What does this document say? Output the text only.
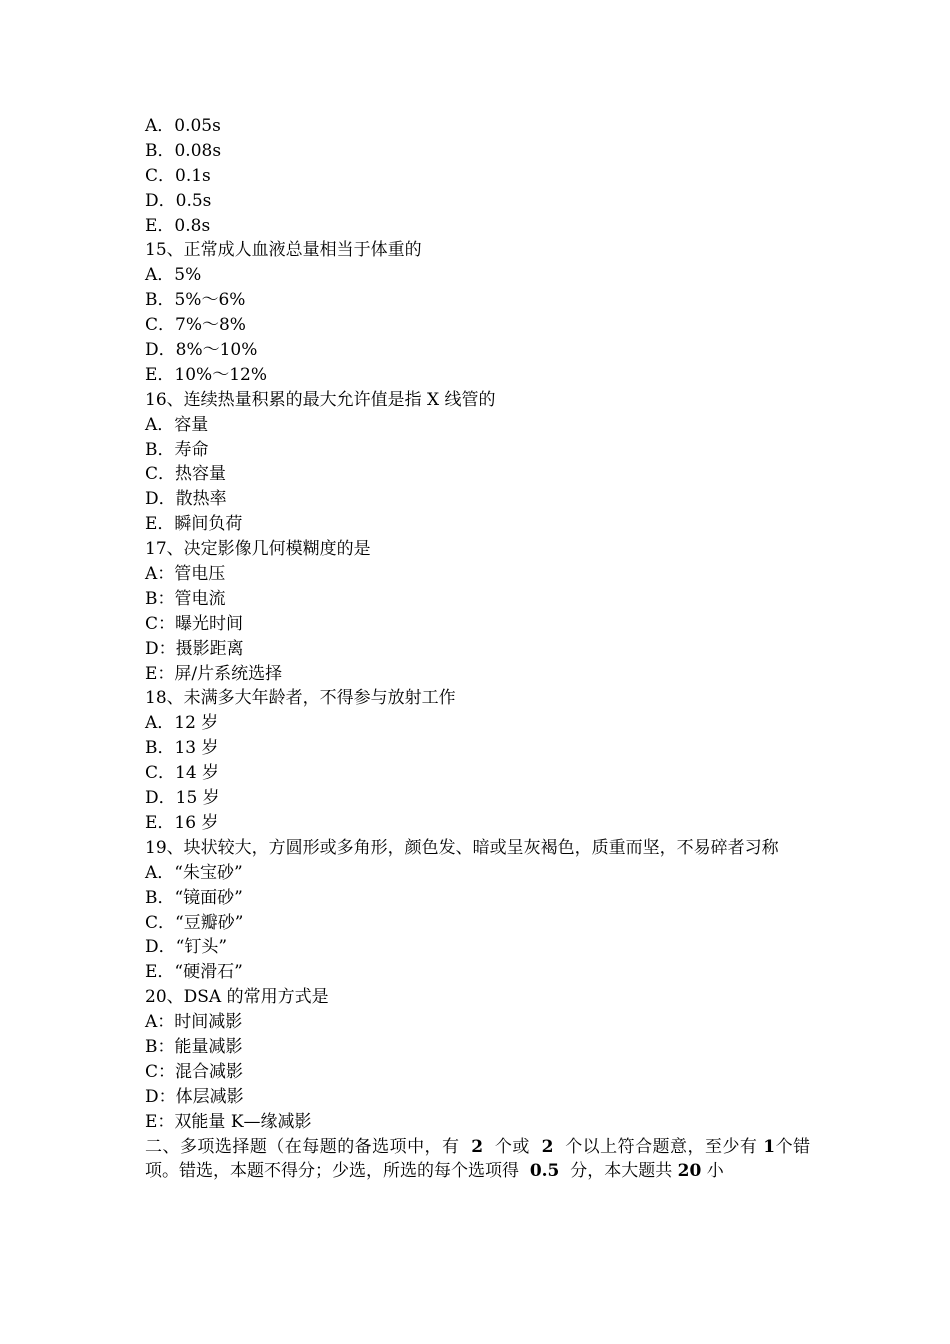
A．0.05s
B．0.08s
C．0.1s
D．0.5s
E．0.8s
15、正常成人血液总量相当于体重的
A．5%
B．5%～6%
C．7%～8%
D．8%～10%
E．10%～12%
16、连续热量积累的最大允许值是指 X 线管的
A．容量
B．寿命
C．热容量
D．散热率
E．瞬间负荷
17、决定影像几何模糊度的是
A：管电压
B：管电流
C：曝光时间
D：摄影距离
E：屏/片系统选择
18、未满多大年龄者，不得参与放射工作
A．12 岁
B．13 岁
C．14 岁
D．15 岁
E．16 岁
19、块状较大，方圆形或多角形，颜色发、暗或呈灰褐色，质重而坚，不易碎者习称
A．“朱宝砂”
B．“镜面砂”
C．“豆瓣砂”
D．“钉头”
E．“硬滑石”
20、DSA 的常用方式是
A：时间减影
B：能量减影
C：混合减影
D：体层减影
E：双能量 K—缘减影
二、多项选择题（在每题的备选项中，有 2 个或 2 个以上符合题意，至少有 1个错项。错选，本题不得分；少选，所选的每个选项得 0.5 分，本大题共 20 小
